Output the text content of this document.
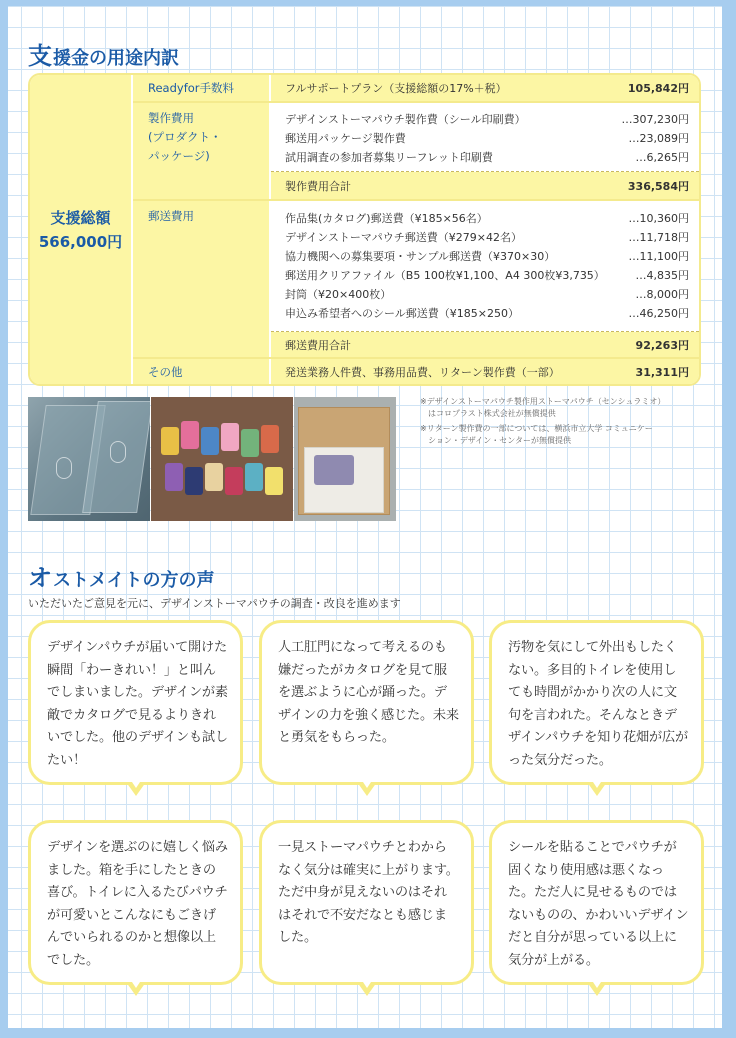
支 援金の用途内訳
支援総額
566,000円
Readyfor手数料	フルサポートプラン（支援総額の17%＋税）	105,842円
製作費用
(プロダクト・
パッケージ)
デザインストーマパウチ製作費（シール印刷費）	…307,230円
郵送用パッケージ製作費	…23,089円
試用調査の参加者募集リーフレット印刷費	…6,265円
製作費用合計	336,584円
郵送費用	作品集(カタログ)郵送費（¥185×56名）	…10,360円
デザインストーマパウチ郵送費（¥279×42名）	…11,718円
協力機関への募集要項・サンプル郵送費（¥370×30）	…11,100円
郵送用クリアファイル（B5 100枚¥1,100、A4 300枚¥3,735）	…4,835円
封筒（¥20×400枚）	…8,000円
申込み希望者へのシール郵送費（¥185×250）	…46,250円
郵送費用合計	92,263円
その他	発送業務人件費、事務用品費、リターン製作費（一部）	31,311円
※デザインストーマパウチ製作用ストーマパウチ（センシュラミオ）
　はコロプラスト株式会社が無償提供
※リターン製作費の一部については、横浜市立大学 コミュニケー
　ション・デザイン・センターが無償提供
オ ストメイトの方の声
いただいたご意見を元に、デザインストーマパウチの調査・改良を進めます
デザインパウチが届いて開けた瞬間「わーきれい！」と叫んでしまいました。デザインが素敵でカタログで見るよりきれいでした。他のデザインも試したい！
人工肛門になって考えるのも嫌だったがカタログを見て服を選ぶように心が踊った。デザインの力を強く感じた。未来と勇気をもらった。
汚物を気にして外出もしたくない。多目的トイレを使用しても時間がかかり次の人に文句を言われた。そんなときデザインパウチを知り花畑が広がった気分だった。
デザインを選ぶのに嬉しく悩みました。箱を手にしたときの喜び。トイレに入るたびパウチが可愛いとこんなにもごきげんでいられるのかと想像以上でした。
一見ストーマパウチとわからなく気分は確実に上がります。ただ中身が見えないのはそれはそれで不安だなとも感じました。
シールを貼ることでパウチが固くなり使用感は悪くなった。ただ人に見せるものではないものの、かわいいデザインだと自分が思っている以上に気分が上がる。
